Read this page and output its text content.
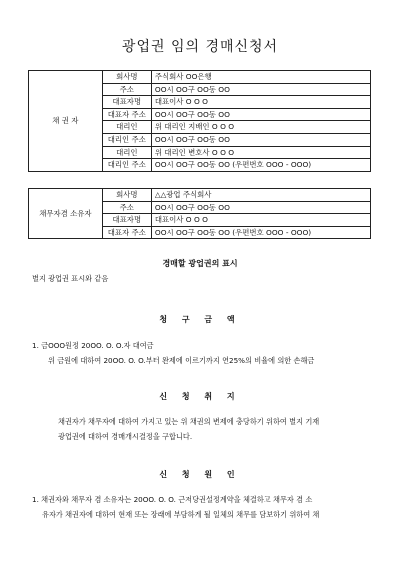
광업권 임의 경매신청서
채 권 자	회사명	주식회사 OO은행
	주소	OO시 OO구 OO동 OO
	대표자명	대표이사 O O O
	대표자 주소	OO시 OO구 OO동 OO
	대리인	위 대리인 지배인 O O O
	대리인 주소	OO시 OO구 OO동 OO
	대리인	위 대리인 변호사 O O O
	대리인 주소	OO시 OO구 OO동 OO (우편번호 OOO - OOO)
채무자겸 소유자	회사명	△△광업 주식회사
	주소	OO시 OO구 OO동 OO
	대표자명	대표이사 O O O
	대표자 주소	OO시 OO구 OO동 OO (우편번호 OOO - OOO)
경매할 광업권의 표시
별지 광업권 표시와 같음
청 구 금 액
1. 금OOO원정 20OO. O. O.자 대여금
위 금원에 대하여 20OO. O. O.부터 완제에 이르기까지 연25%의 비율에 의한 손해금
신 청 취 지
채권자가 채무자에 대하여 가지고 있는 위 채권의 변제에 충당하기 위하여 별지 기재
광업권에 대하여 경매개시결정을 구합니다.
신 청 원 인
1. 채권자와 채무자 겸 소유자는 20OO. O. O. 근저당권설정계약을 체결하고 채무자 겸 소
유자가 채권자에 대하여 현재 또는 장래에 부담하게 될 일체의 채무를 담보하기 위하여 채
